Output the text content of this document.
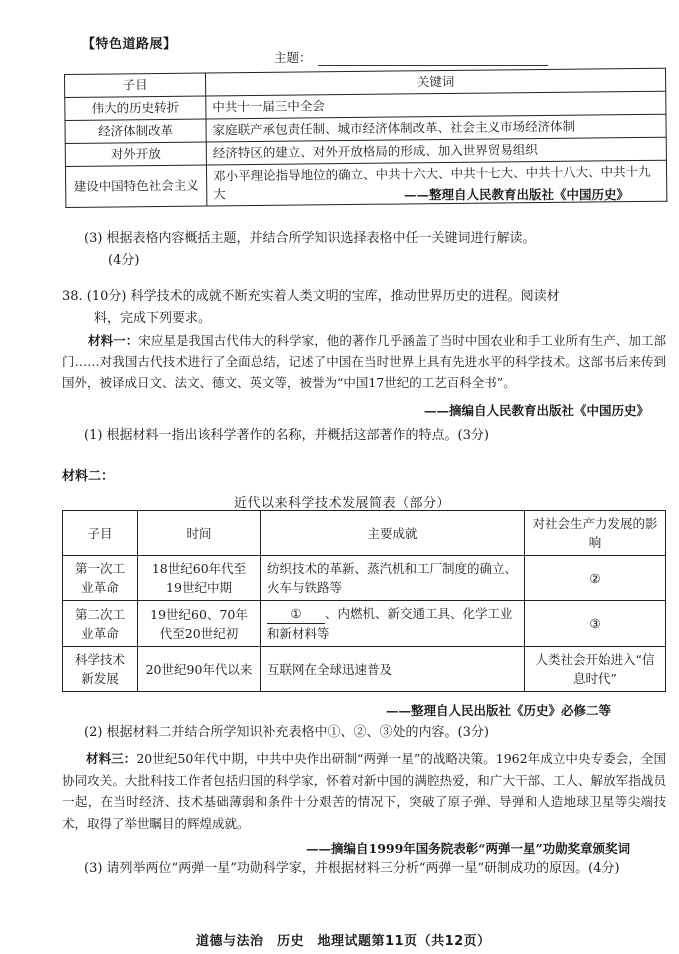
【特色道路展】
主题：
子目	关键词
伟大的历史转折	中共十一届三中全会
经济体制改革	家庭联产承包责任制、城市经济体制改革、社会主义市场经济体制
对外开放	经济特区的建立、对外开放格局的形成、加入世界贸易组织
建设中国特色社会主义	邓小平理论指导地位的确立、中共十六大、中共十七大、中共十八大、中共十九大	——整理自人民教育出版社《中国历史》
(3) 根据表格内容概括主题，并结合所学知识选择表格中任一关键词进行解读。
(4分)
38. (10分) 科学技术的成就不断充实着人类文明的宝库，推动世界历史的进程。阅读材
料，完成下列要求。
材料一：宋应星是我国古代伟大的科学家，他的著作几乎涵盖了当时中国农业和手工业所有生产、加工部门……对我国古代技术进行了全面总结，记述了中国在当时世界上具有先进水平的科学技术。这部书后来传到国外，被译成日文、法文、德文、英文等，被誉为“中国17世纪的工艺百科全书”。
——摘编自人民教育出版社《中国历史》
(1) 根据材料一指出该科学著作的名称，并概括这部著作的特点。(3分)
材料二：
近代以来科学技术发展简表（部分）
子目	时间	主要成就	对社会生产力发展的影响
第一次工业革命	18世纪60年代至19世纪中期	纺织技术的革新、蒸汽机和工厂制度的确立、火车与铁路等	②
第二次工业革命	19世纪60、70年代至20世纪初	① 、内燃机、新交通工具、化学工业和新材料等	③
科学技术新发展	20世纪90年代以来	互联网在全球迅速普及	人类社会开始进入“信息时代”
——整理自人民出版社《历史》必修二等
(2) 根据材料二并结合所学知识补充表格中①、②、③处的内容。(3分)
材料三：20世纪50年代中期，中共中央作出研制“两弹一星”的战略决策。1962年成立中央专委会，全国协同攻关。大批科技工作者包括归国的科学家，怀着对新中国的满腔热爱，和广大干部、工人、解放军指战员一起，在当时经济、技术基础薄弱和条件十分艰苦的情况下，突破了原子弹、导弹和人造地球卫星等尖端技术，取得了举世瞩目的辉煌成就。
——摘编自1999年国务院表彰“两弹一星”功勋奖章颁奖词
(3) 请列举两位“两弹一星”功勋科学家，并根据材料三分析“两弹一星”研制成功的原因。(4分)
道德与法治　历史　地理试题第11页（共12页）
